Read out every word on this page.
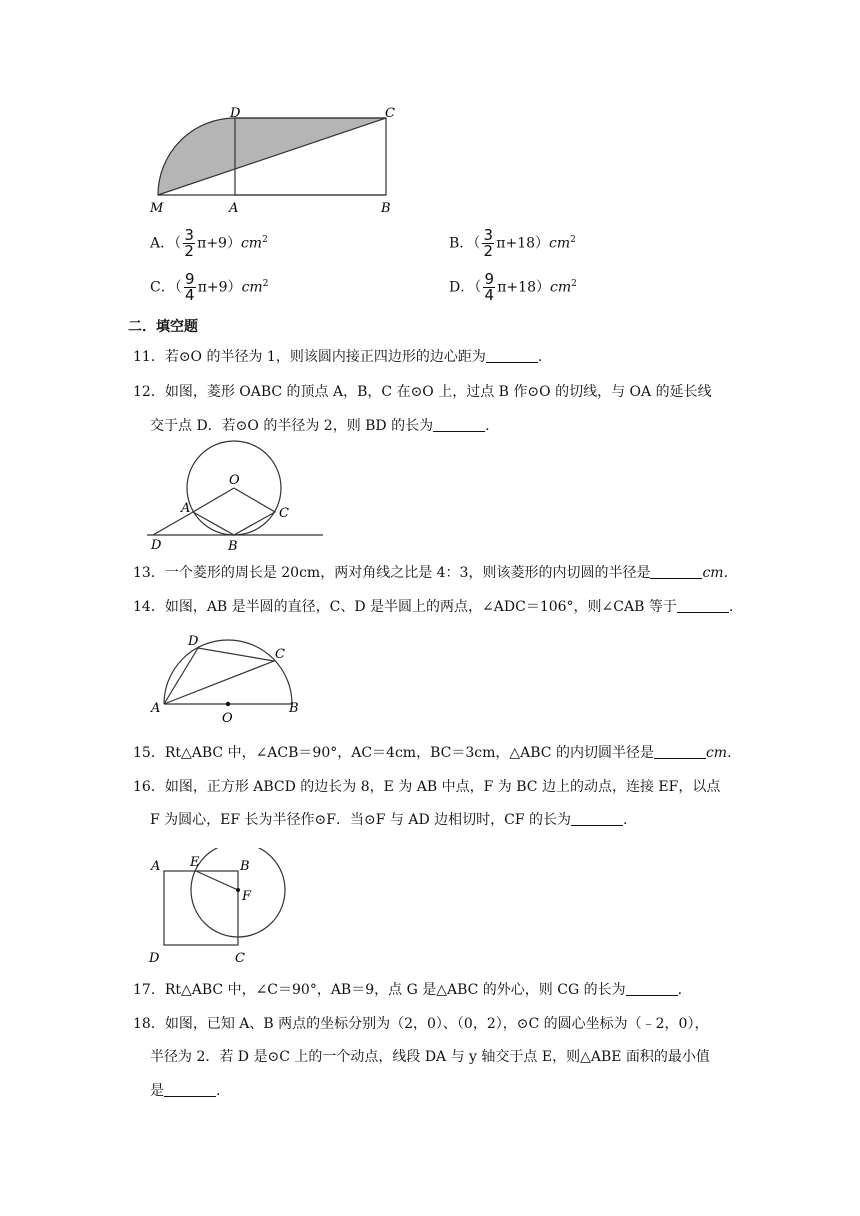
D	C
M	A	B
A．（ $\frac{3}{2} \pi+9)cm^2$	B．（ $\frac{3}{2} \pi+18)cm^2$
C．（ $\frac{9}{4} \pi+9)cm^2$	D．（ $\frac{9}{4} \pi+18)cm^2$
二．填空题
11．若⊙O 的半径为 1，则该圆内接正四边形的边心距为	.
12．如图，菱形 OABC 的顶点 A，B，C 在⊙O 上，过点 B 作⊙O 的切线，与 OA 的延长线
交于点 D．若⊙O 的半径为 2，则 BD 的长为	.
O
A	C
D	B
13．一个菱形的周长是 20cm，两对角线之比是 4：3，则该菱形的内切圆的半径是	cm.
14．如图，AB 是半圆的直径，C、D 是半圆上的两点，∠ADC＝106°，则∠CAB 等于	.
D
C
A
O
B
15．Rt△ABC 中，∠ACB＝90°，AC＝4cm，BC＝3cm，△ABC 的内切圆半径是	cm.
16．如图，正方形 ABCD 的边长为 8，E 为 AB 中点，F 为 BC 边上的动点，连接 EF，以点
F 为圆心，EF 长为半径作⊙F．当⊙F 与 AD 边相切时，CF 的长为	.
A E	B
F
D	C
17．Rt△ABC 中，∠C＝90°，AB＝9，点 G 是△ABC 的外心，则 CG 的长为	.
18．如图，已知 A、B 两点的坐标分别为（2，0）、（0，2），⊙C 的圆心坐标为（﹣2，0），
半径为 2．若 D 是⊙C 上的一个动点，线段 DA 与 y 轴交于点 E，则△ABE 面积的最小值
是	.
